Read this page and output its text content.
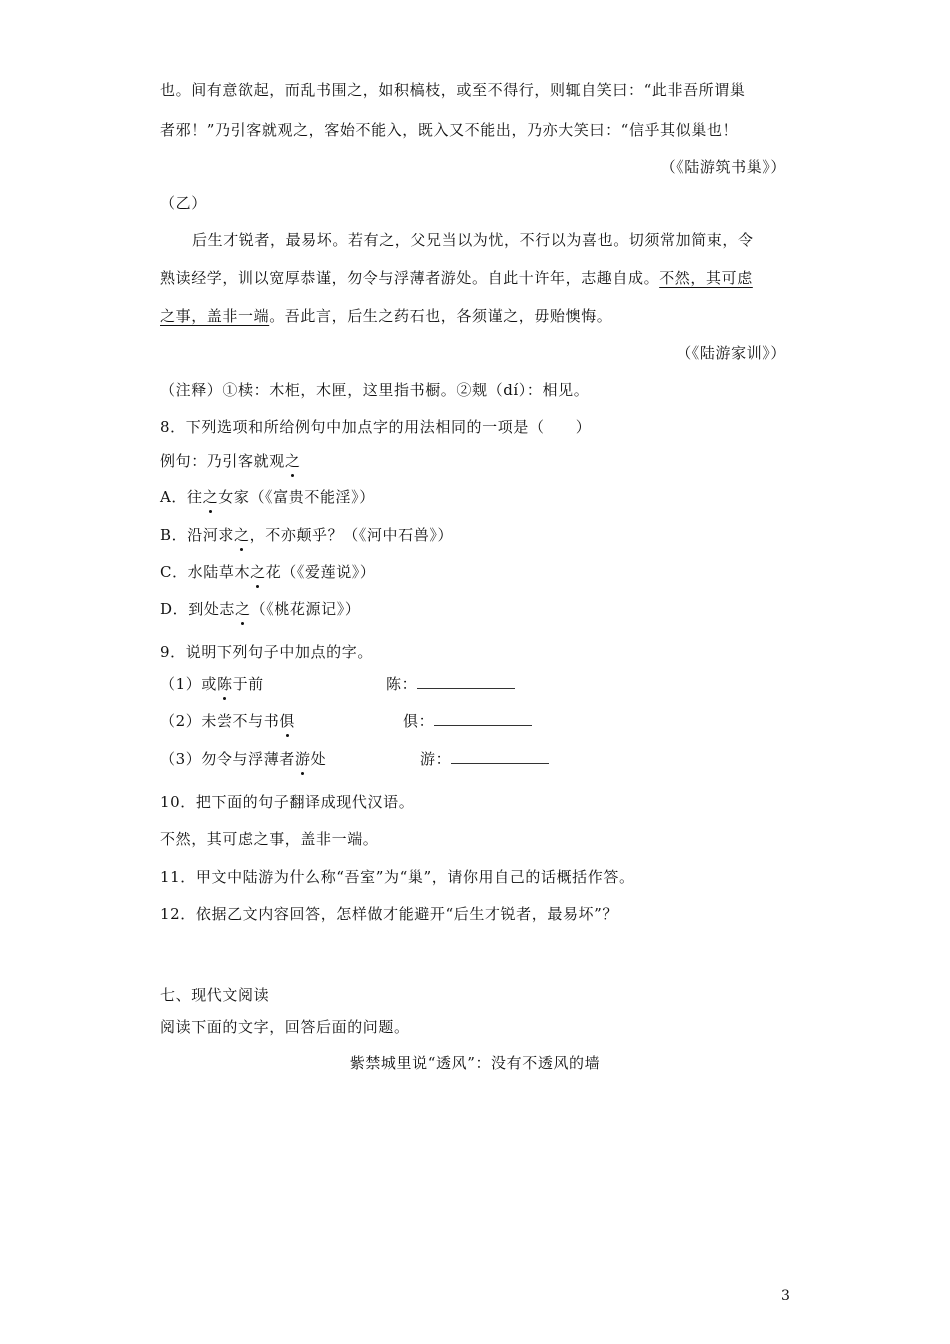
也。间有意欲起，而乱书围之，如积槁枝，或至不得行，则辄自笑曰：“此非吾所谓巢
者邪！”乃引客就观之，客始不能入，既入又不能出，乃亦大笑曰：“信乎其似巢也！
（《陆游筑书巢》）
（乙）
后生才锐者，最易坏。若有之，父兄当以为忧，不行以为喜也。切须常加简束，令
熟读经学，训以宽厚恭谨，勿令与浮薄者游处。自此十许年，志趣自成。不然，其可虑
之事，盖非一端。吾此言，后生之药石也，各须谨之，毋贻懊悔。
（《陆游家训》）
（注释）①椟：木柜，木匣，这里指书橱。②觌（dí）：相见。
8．下列选项和所给例句中加点字的用法相同的一项是（　　）
例句：乃引客就观之
A．往之女家（《富贵不能淫》）
B．沿河求之，不亦颠乎？（《河中石兽》）
C．水陆草木之花（《爱莲说》）
D．到处志之（《桃花源记》）
9．说明下列句子中加点的字。
（1）或陈于前	陈：
（2）未尝不与书俱	俱：
（3）勿令与浮薄者游处	游：
10．把下面的句子翻译成现代汉语。
不然，其可虑之事，盖非一端。
11．甲文中陆游为什么称“吾室”为“巢”，请你用自己的话概括作答。
12．依据乙文内容回答，怎样做才能避开“后生才锐者，最易坏”？
七、现代文阅读
阅读下面的文字，回答后面的问题。
紫禁城里说“透风”：没有不透风的墙
3
